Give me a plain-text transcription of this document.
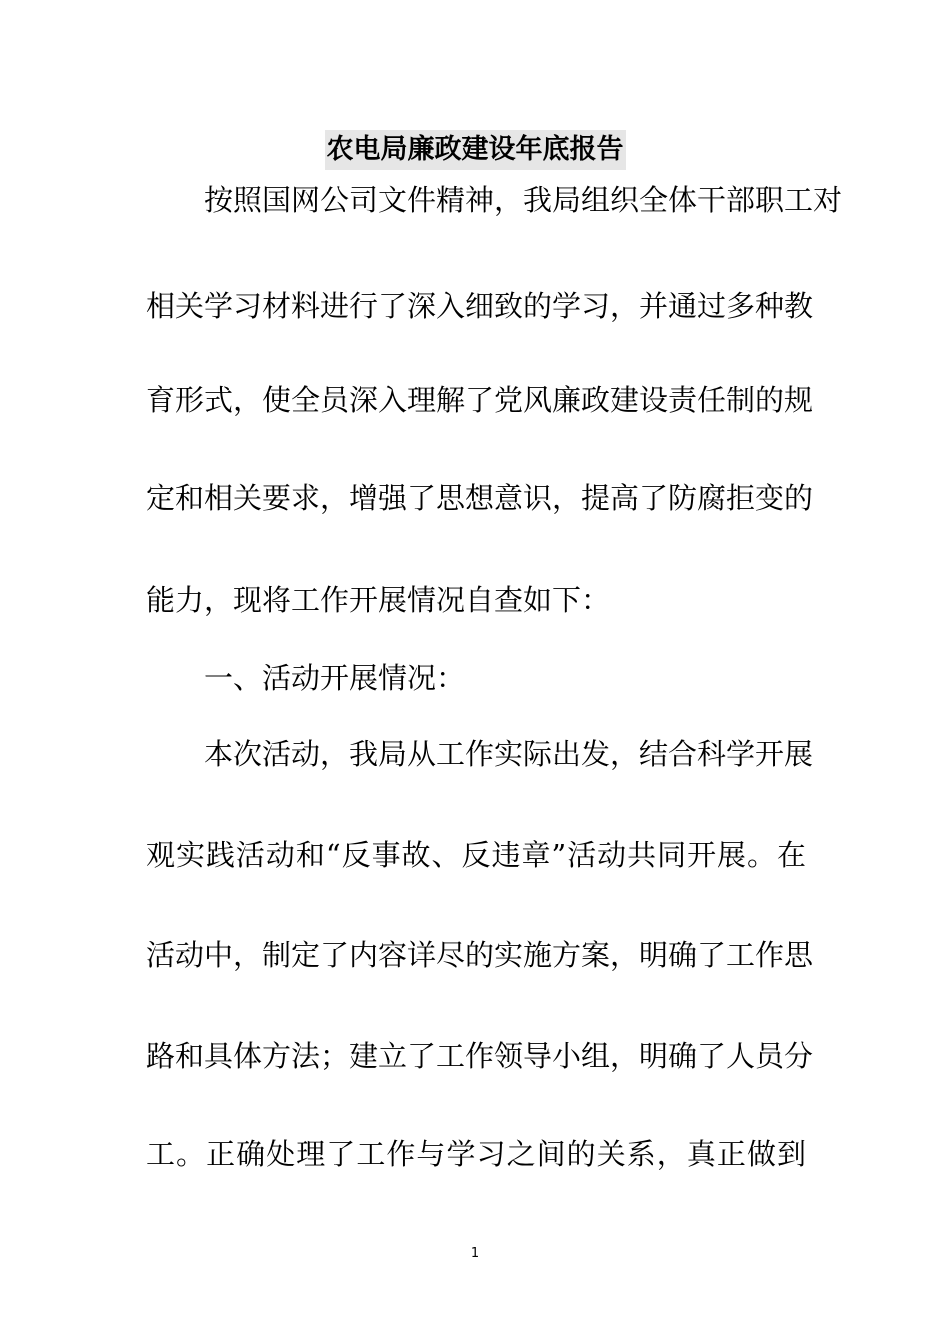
农电局廉政建设年底报告

按照国网公司文件精神，我局组织全体干部职工对

相关学习材料进行了深入细致的学习，并通过多种教

育形式，使全员深入理解了党风廉政建设责任制的规

定和相关要求，增强了思想意识，提高了防腐拒变的

能力，现将工作开展情况自查如下：

一、活动开展情况：

本次活动，我局从工作实际出发，结合科学开展

观实践活动和“反事故、反违章”活动共同开展。在

活动中，制定了内容详尽的实施方案，明确了工作思

路和具体方法；建立了工作领导小组，明确了人员分

工。正确处理了工作与学习之间的关系，真正做到

1
